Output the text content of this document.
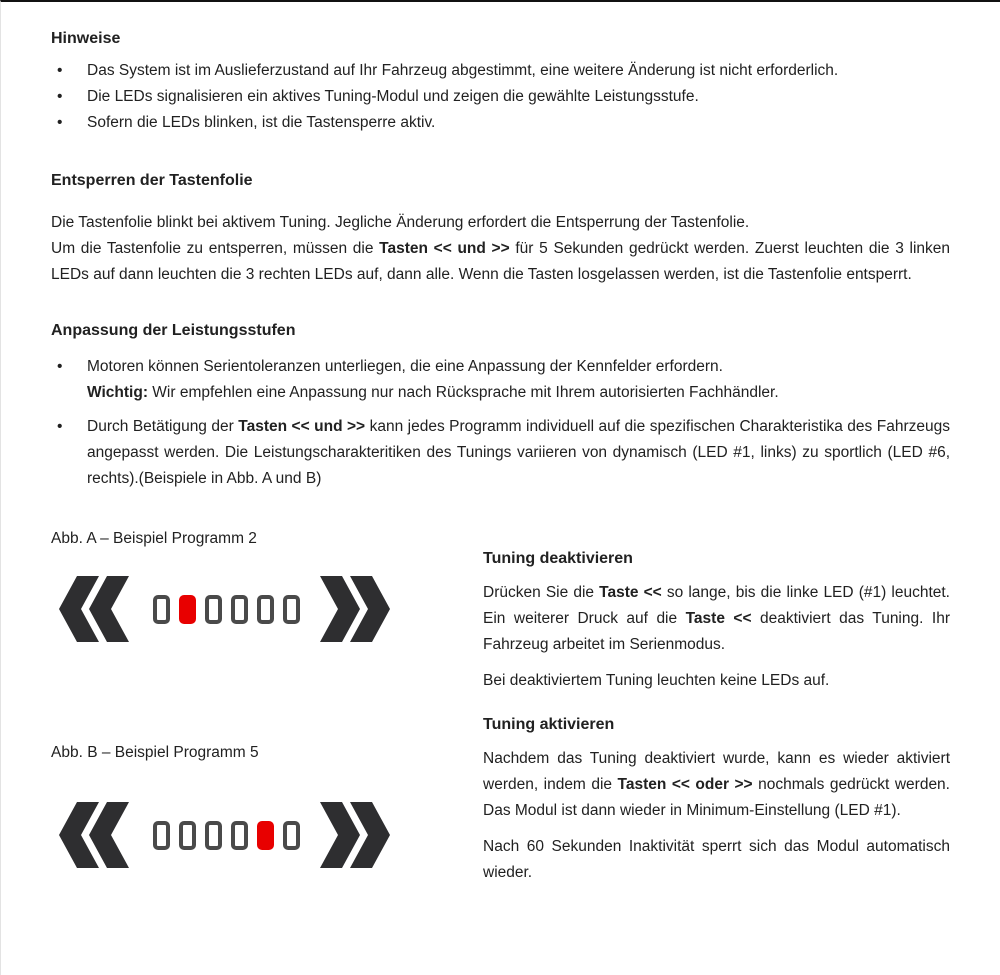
Hinweise

•
Das System ist im Auslieferzustand auf Ihr Fahrzeug abgestimmt, eine weitere Änderung ist nicht erforderlich.
•
Die LEDs signalisieren ein aktives Tuning-Modul und zeigen die gewählte Leistungsstufe.
•
Sofern die LEDs blinken, ist die Tastensperre aktiv.

Entsperren der Tastenfolie

Die Tastenfolie blinkt bei aktivem Tuning. Jegliche Änderung erfordert die Entsperrung der Tastenfolie.

Um die Tastenfolie zu entsperren, müssen die Tasten << und >> für 5 Sekunden gedrückt werden. Zuerst leuchten die 3 linken LEDs auf dann leuchten die 3 rechten LEDs auf, dann alle. Wenn die Tasten losgelassen werden, ist die Tastenfolie entsperrt.

Anpassung der Leistungsstufen

•
Motoren können Serientoleranzen unterliegen, die eine Anpassung der Kennfelder erfordern.
Wichtig: Wir empfehlen eine Anpassung nur nach Rücksprache mit Ihrem autorisierten Fachhändler.
•
Durch Betätigung der Tasten << und >> kann jedes Programm individuell auf die spezifischen Charakteristika des Fahrzeugs angepasst werden. Die Leistungscharakteritiken des Tunings variieren von dynamisch (LED #1, links) zu sportlich (LED #6, rechts).(Beispiele in Abb. A und B)

Abb. A – Beispiel Programm 2

Abb. B – Beispiel Programm 5

Tuning deaktivieren

Drücken Sie die Taste << so lange, bis die linke LED (#1) leuchtet. Ein weiterer Druck auf die Taste << deaktiviert das Tuning. Ihr Fahrzeug arbeitet im Serienmodus.

Bei deaktiviertem Tuning leuchten keine LEDs auf.

Tuning aktivieren

Nachdem das Tuning deaktiviert wurde, kann es wieder aktiviert werden, indem die Tasten << oder >> nochmals gedrückt werden. Das Modul ist dann wieder in Minimum-Einstellung (LED #1).

Nach 60 Sekunden Inaktivität sperrt sich das Modul automatisch wieder.
